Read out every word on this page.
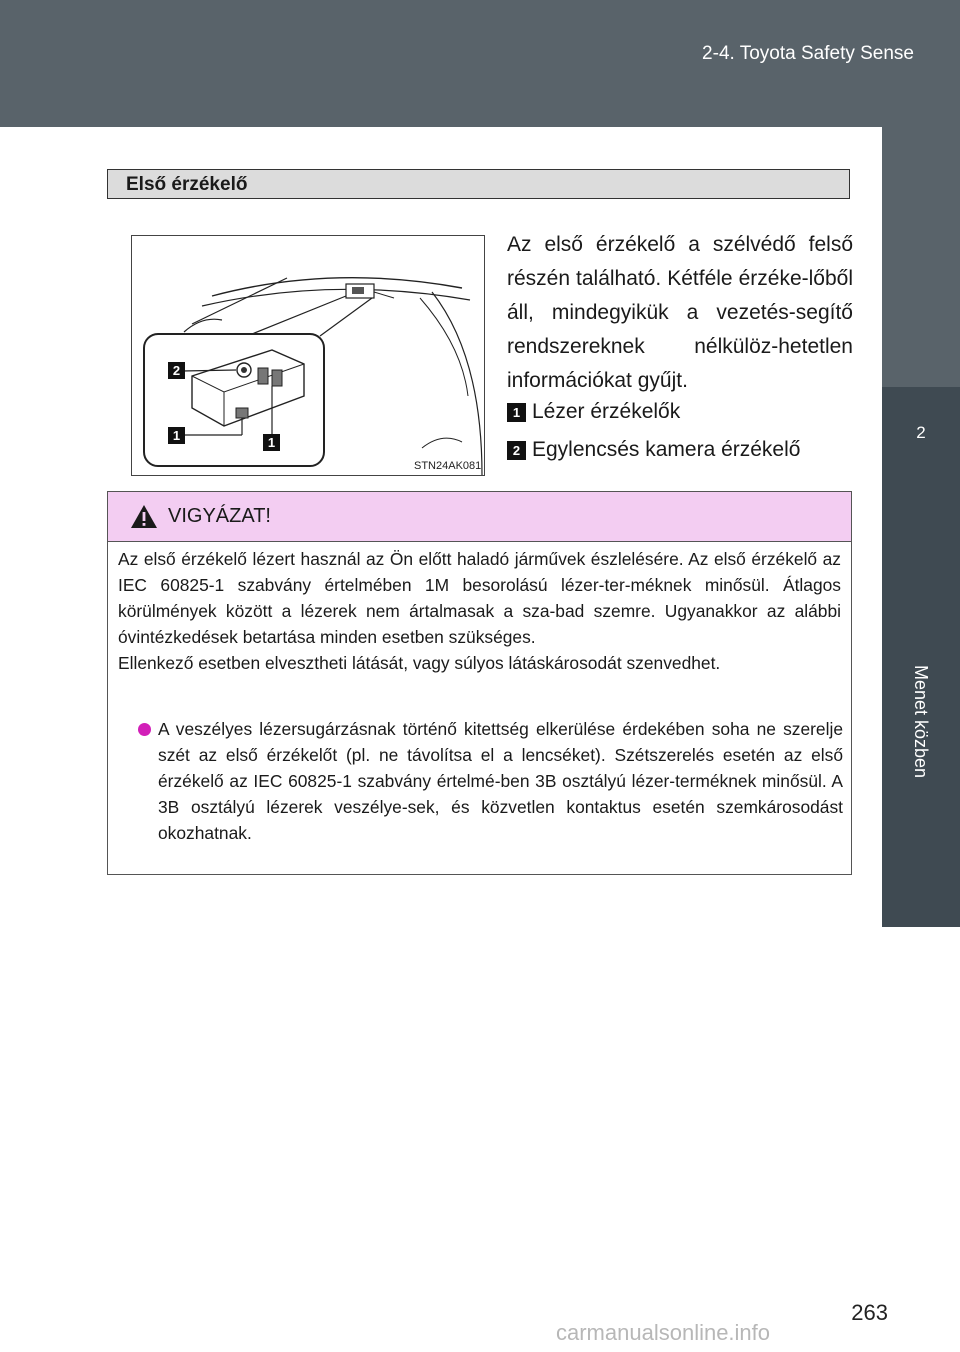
2-4. Toyota Safety Sense
2
Menet közben
Első érzékelő
2
1	1
STN24AK081
Az első érzékelő a szélvédő felső részén található. Kétféle érzéke-lőből áll, mindegyikük a vezetés-segítő rendszereknek nélkülöz-hetetlen információkat gyűjt.
1 Lézer érzékelők
2 Egylencsés kamera érzékelő
VIGYÁZAT!

Az első érzékelő lézert használ az Ön előtt haladó járművek észlelésére. Az első érzékelő az IEC 60825-1 szabvány értelmében 1M besorolású lézer-ter-méknek minősül. Átlagos körülmények között a lézerek nem ártalmasak a sza-bad szemre. Ugyanakkor az alábbi óvintézkedések betartása minden esetben szükséges.

Ellenkező esetben elvesztheti látását, vagy súlyos látáskárosodát szenvedhet.

A veszélyes lézersugárzásnak történő kitettség elkerülése érdekében soha ne szerelje szét az első érzékelőt (pl. ne távolítsa el a lencséket). Szétszerelés esetén az első érzékelő az IEC 60825-1 szabvány értelmé-ben 3B osztályú lézer-terméknek minősül. A 3B osztályú lézerek veszélye-sek, és közvetlen kontaktus esetén szemkárosodást okozhatnak.
263
carmanualsonline.info
